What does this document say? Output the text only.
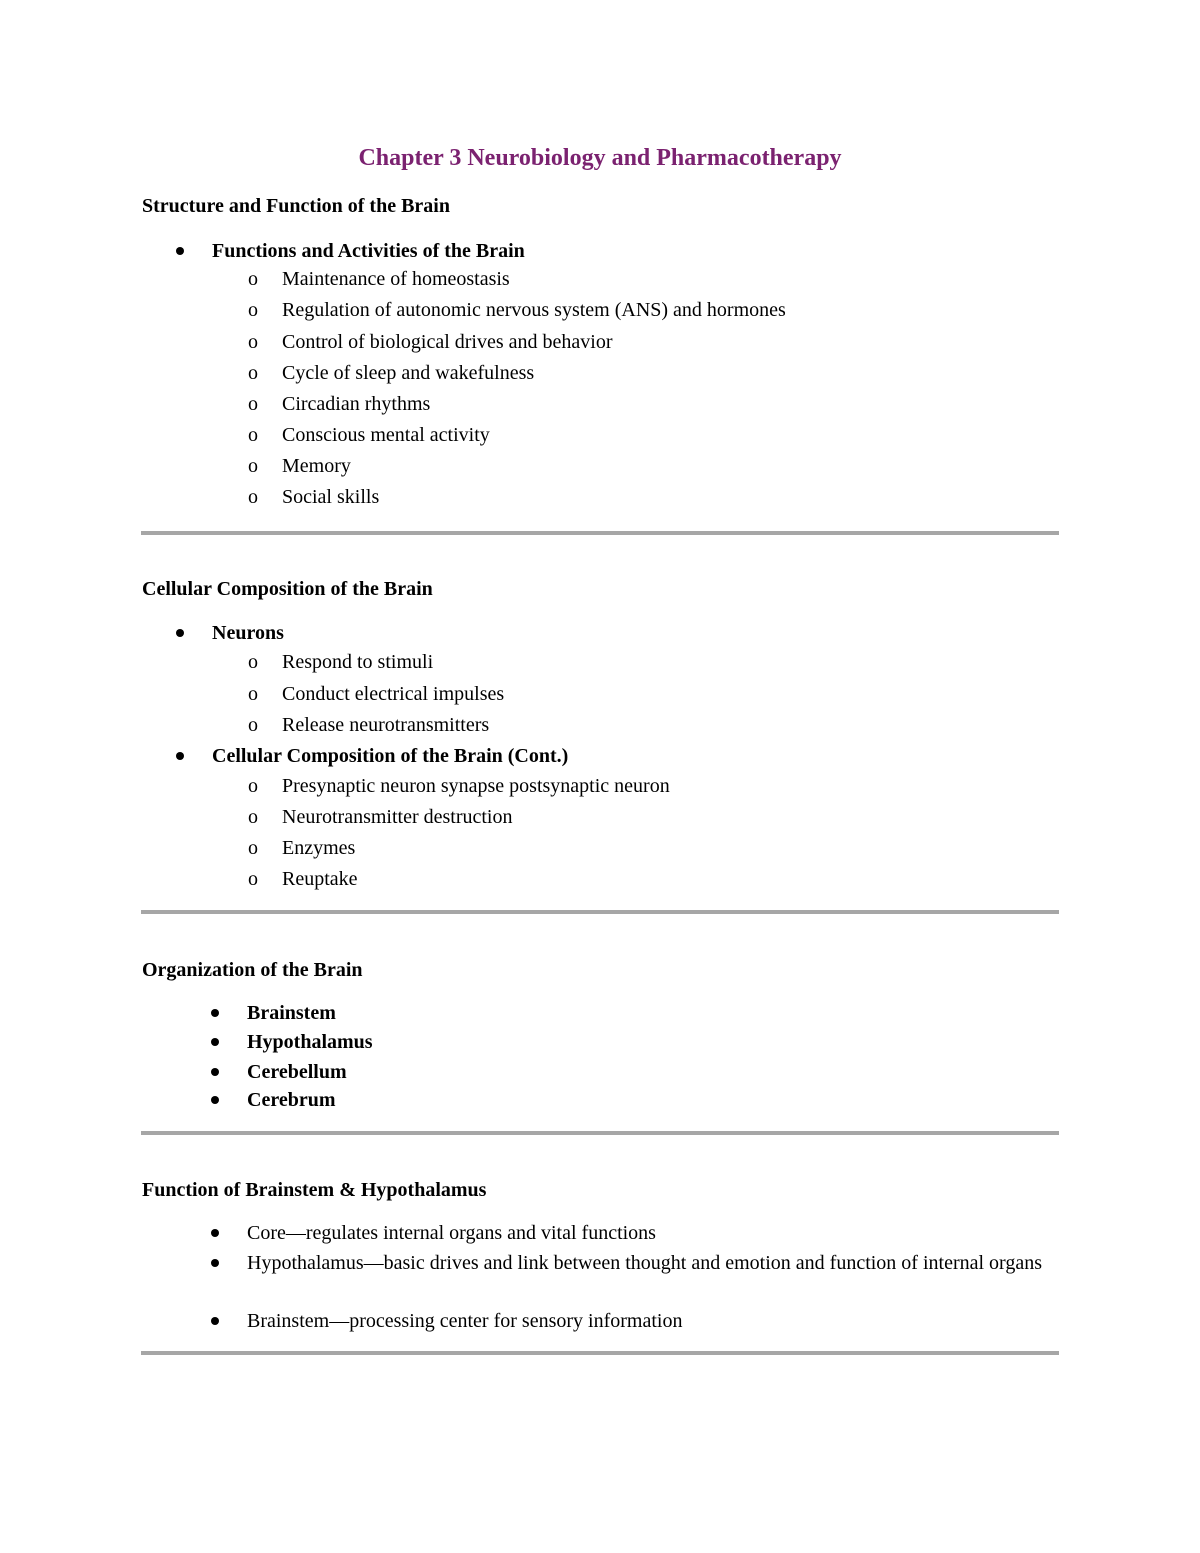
Chapter 3 Neurobiology and Pharmacotherapy
Structure and Function of the Brain
Functions and Activities of the Brain
o Maintenance of homeostasis
o Regulation of autonomic nervous system (ANS) and hormones
o Control of biological drives and behavior
o Cycle of sleep and wakefulness
o Circadian rhythms
o Conscious mental activity
o Memory
o Social skills
Cellular Composition of the Brain
Neurons
o Respond to stimuli
o Conduct electrical impulses
o Release neurotransmitters
Cellular Composition of the Brain (Cont.)
o Presynaptic neuron synapse postsynaptic neuron
o Neurotransmitter destruction
o Enzymes
o Reuptake
Organization of the Brain
Brainstem
Hypothalamus
Cerebellum
Cerebrum
Function of Brainstem & Hypothalamus
Core—regulates internal organs and vital functions
Hypothalamus—basic drives and link between thought and emotion and function of internal organs
Brainstem—processing center for sensory information
